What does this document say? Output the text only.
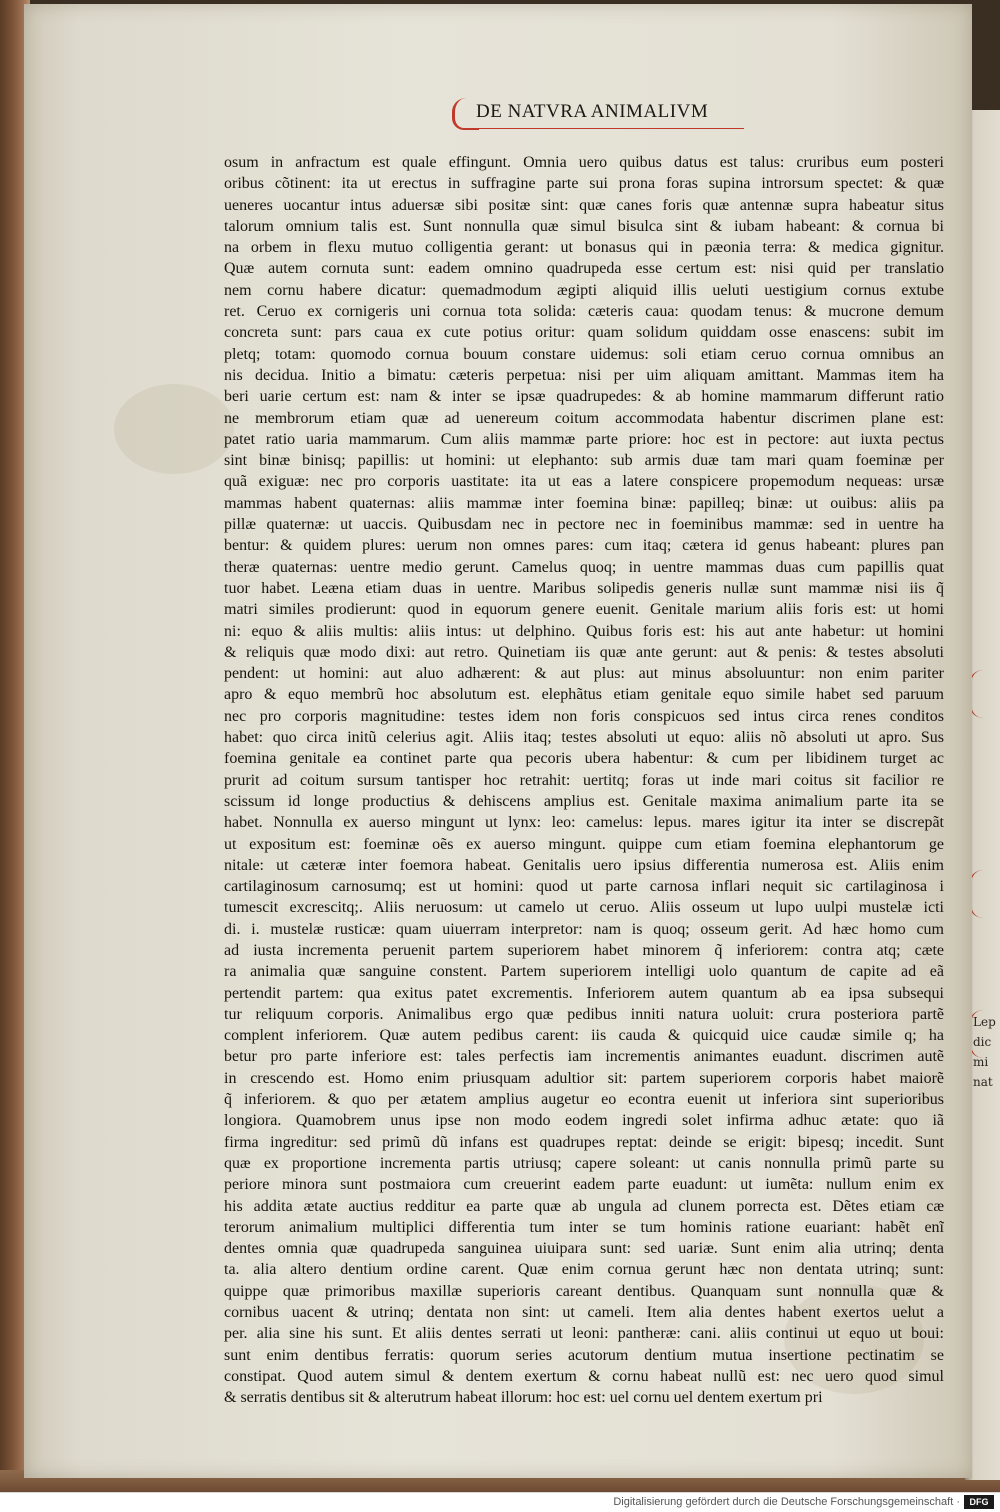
Lep
dic
mi
nat
DE NATVRA ANIMALIVM
osum in anfractum est quale effingunt. Omnia uero quibus datus est talus: cruribus eum posteri
oribus cõtinent: ita ut erectus in suffragine parte sui prona foras supina introrsum spectet: & quæ
ueneres uocantur intus aduersæ sibi positæ sint: quæ canes foris quæ antennæ supra habeatur situs
talorum omnium talis est. Sunt nonnulla quæ simul bisulca sint & iubam habeant: & cornua bi
na orbem in flexu mutuo colligentia gerant: ut bonasus qui in pæonia terra: & medica gignitur.
Quæ autem cornuta sunt: eadem omnino quadrupeda esse certum est: nisi quid per translatio
nem cornu habere dicatur: quemadmodum ægipti aliquid illis ueluti uestigium cornus extube
ret. Ceruo ex cornigeris uni cornua tota solida: cæteris caua: quodam tenus: & mucrone demum
concreta sunt: pars caua ex cute potius oritur: quam solidum quiddam osse enascens: subit im
pletq; totam: quomodo cornua bouum constare uidemus: soli etiam ceruo cornua omnibus an
nis decidua. Initio a bimatu: cæteris perpetua: nisi per uim aliquam amittant. Mammas item ha
beri uarie certum est: nam & inter se ipsæ quadrupedes: & ab homine mammarum differunt ratio
ne membrorum etiam quæ ad uenereum coitum accommodata habentur discrimen plane est:
patet ratio uaria mammarum. Cum aliis mammæ parte priore: hoc est in pectore: aut iuxta pectus
sint binæ binisq; papillis: ut homini: ut elephanto: sub armis duæ tam mari quam foeminæ per
quã exiguæ: nec pro corporis uastitate: ita ut eas a latere conspicere propemodum nequeas: ursæ
mammas habent quaternas: aliis mammæ inter foemina binæ: papilleq; binæ: ut ouibus: aliis pa
pillæ quaternæ: ut uaccis. Quibusdam nec in pectore nec in foeminibus mammæ: sed in uentre ha
bentur: & quidem plures: uerum non omnes pares: cum itaq; cætera id genus habeant: plures pan
theræ quaternas: uentre medio gerunt. Camelus quoq; in uentre mammas duas cum papillis quat
tuor habet. Leæna etiam duas in uentre. Maribus solipedis generis nullæ sunt mammæ nisi iis q̃
matri similes prodierunt: quod in equorum genere euenit. Genitale marium aliis foris est: ut homi
ni: equo & aliis multis: aliis intus: ut delphino. Quibus foris est: his aut ante habetur: ut homini
& reliquis quæ modo dixi: aut retro. Quinetiam iis quæ ante gerunt: aut & penis: & testes absoluti
pendent: ut homini: aut aluo adhærent: & aut plus: aut minus absoluuntur: non enim pariter
apro & equo membrũ hoc absolutum est. elephãtus etiam genitale equo simile habet sed paruum
nec pro corporis magnitudine: testes idem non foris conspicuos sed intus circa renes conditos
habet: quo circa initũ celerius agit. Aliis itaq; testes absoluti ut equo: aliis nõ absoluti ut apro. Sus
foemina genitale ea continet parte qua pecoris ubera habentur: & cum per libidinem turget ac
prurit ad coitum sursum tantisper hoc retrahit: uertitq; foras ut inde mari coitus sit facilior re
scissum id longe productius & dehiscens amplius est. Genitale maxima animalium parte ita se
habet. Nonnulla ex auerso mingunt ut lynx: leo: camelus: lepus. mares igitur ita inter se discrepãt
ut expositum est: foeminæ oẽs ex auerso mingunt. quippe cum etiam foemina elephantorum ge
nitale: ut cæteræ inter foemora habeat. Genitalis uero ipsius differentia numerosa est. Aliis enim
cartilaginosum carnosumq; est ut homini: quod ut parte carnosa inflari nequit sic cartilaginosa i
tumescit excrescitq;. Aliis neruosum: ut camelo ut ceruo. Aliis osseum ut lupo uulpi mustelæ icti
di. i. mustelæ rusticæ: quam uiuerram interpretor: nam is quoq; osseum gerit. Ad hæc homo cum
ad iusta incrementa peruenit partem superiorem habet minorem q̃ inferiorem: contra atq; cæte
ra animalia quæ sanguine constent. Partem superiorem intelligi uolo quantum de capite ad eã
pertendit partem: qua exitus patet excrementis. Inferiorem autem quantum ab ea ipsa subsequi
tur reliquum corporis. Animalibus ergo quæ pedibus inniti natura uoluit: crura posteriora partẽ
complent inferiorem. Quæ autem pedibus carent: iis cauda & quicquid uice caudæ simile q; ha
betur pro parte inferiore est: tales perfectis iam incrementis animantes euadunt. discrimen autẽ
in crescendo est. Homo enim priusquam adultior sit: partem superiorem corporis habet maiorẽ
q̃ inferiorem. & quo per ætatem amplius augetur eo econtra euenit ut inferiora sint superioribus
longiora. Quamobrem unus ipse non modo eodem ingredi solet infirma adhuc ætate: quo iã
firma ingreditur: sed primũ dũ infans est quadrupes reptat: deinde se erigit: bipesq; incedit. Sunt
quæ ex proportione incrementa partis utriusq; capere soleant: ut canis nonnulla primũ parte su
periore minora sunt postmaiora cum creuerint eadem parte euadunt: ut iumẽta: nullum enim ex
his addita ætate auctius redditur ea parte quæ ab ungula ad clunem porrecta est. Dẽtes etiam cæ
terorum animalium multiplici differentia tum inter se tum hominis ratione euariant: habẽt enĩ
dentes omnia quæ quadrupeda sanguinea uiuipara sunt: sed uariæ. Sunt enim alia utrinq; denta
ta. alia altero dentium ordine carent. Quæ enim cornua gerunt hæc non dentata utrinq; sunt:
quippe quæ primoribus maxillæ superioris careant dentibus. Quanquam sunt nonnulla quæ &
cornibus uacent & utrinq; dentata non sint: ut cameli. Item alia dentes habent exertos uelut a
per. alia sine his sunt. Et aliis dentes serrati ut leoni: pantheræ: cani. aliis continui ut equo ut boui:
sunt enim dentibus ferratis: quorum series acutorum dentium mutua insertione pectinatim se
constipat. Quod autem simul & dentem exertum & cornu habeat nullũ est: nec uero quod simul
& serratis dentibus sit & alterutrum habeat illorum: hoc est: uel cornu uel dentem exertum pri
Digitalisierung gefördert durch die Deutsche Forschungsgemeinschaft ·	DFG
